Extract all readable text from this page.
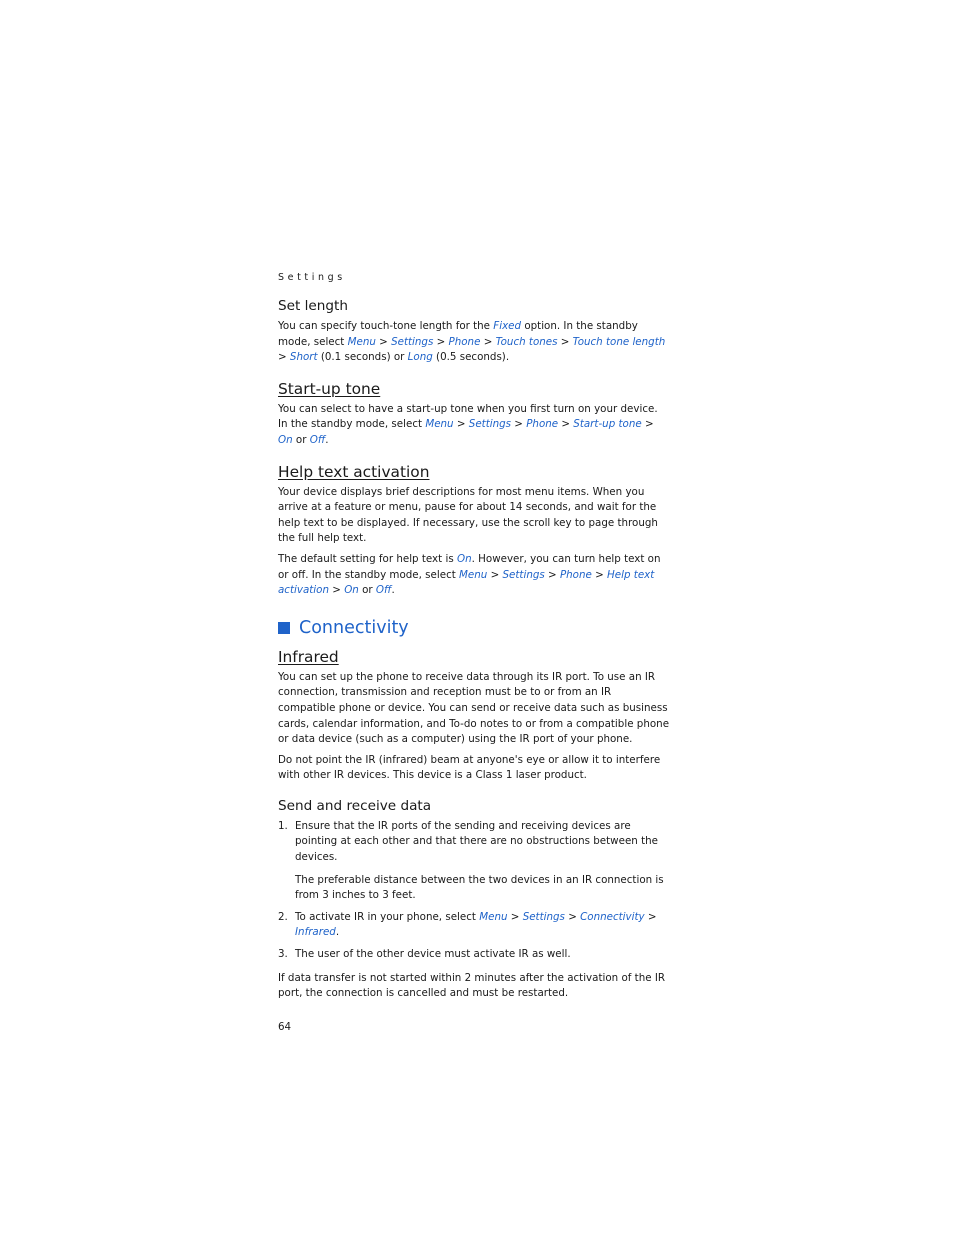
Settings
Set length

You can specify touch-tone length for the Fixed option. In the standby mode, select Menu > Settings > Phone > Touch tones > Touch tone length > Short (0.1 seconds) or Long (0.5 seconds).

Start-up tone

You can select to have a start-up tone when you first turn on your device. In the standby mode, select Menu > Settings > Phone > Start-up tone > On or Off.

Help text activation

Your device displays brief descriptions for most menu items. When you arrive at a feature or menu, pause for about 14 seconds, and wait for the help text to be displayed. If necessary, use the scroll key to page through the full help text.

The default setting for help text is On. However, you can turn help text on or off. In the standby mode, select Menu > Settings > Phone > Help text activation > On or Off.

Connectivity
Infrared

You can set up the phone to receive data through its IR port. To use an IR connection, transmission and reception must be to or from an IR compatible phone or device. You can send or receive data such as business cards, calendar information, and To-do notes to or from a compatible phone or data device (such as a computer) using the IR port of your phone.

Do not point the IR (infrared) beam at anyone's eye or allow it to interfere with other IR devices. This device is a Class 1 laser product.

Send and receive data
1. Ensure that the IR ports of the sending and receiving devices are pointing at each other and that there are no obstructions between the devices.

The preferable distance between the two devices in an IR connection is from 3 inches to 3 feet.

2. To activate IR in your phone, select Menu > Settings > Connectivity > Infrared.

3. The user of the other device must activate IR as well.

If data transfer is not started within 2 minutes after the activation of the IR port, the connection is cancelled and must be restarted.

64
